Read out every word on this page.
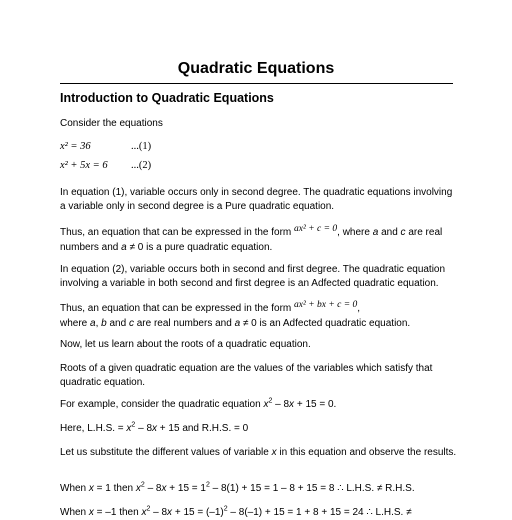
Quadratic Equations
Introduction to Quadratic Equations
Consider the equations
x² = 36	...(1)
x² + 5x = 6 ...(2)
In equation (1), variable occurs only in second degree. The quadratic equations involving a variable only in second degree is a Pure quadratic equation.
Thus, an equation that can be expressed in the form ax² + c = 0, where a and c are real numbers and a ≠ 0 is a pure quadratic equation.
In equation (2), variable occurs both in second and first degree. The quadratic equation involving a variable in both second and first degree is an Adfected quadratic equation.
Thus, an equation that can be expressed in the form ax² + bx + c = 0,
where a, b and c are real numbers and a ≠ 0 is an Adfected quadratic equation.
Now, let us learn about the roots of a quadratic equation.
Roots of a given quadratic equation are the values of the variables which satisfy that quadratic equation.
For example, consider the quadratic equation $x^2 - 8x + 15 = 0$.
Here, L.H.S. = $x^2 - 8x + 15$ and R.H.S. = 0
Let us substitute the different values of variable x in this equation and observe the results.
When x = 1 then $x^2 - 8x + 15 = 1^2 - 8(1) + 15 = 1 - 8 + 15 = 8$ ∴ L.H.S. ≠ R.H.S.
When x = –1 then $x^2 - 8x + 15 = (-1)^2 - 8(-1) + 15 = 1 + 8 + 15 = 24$ ∴ L.H.S. ≠
